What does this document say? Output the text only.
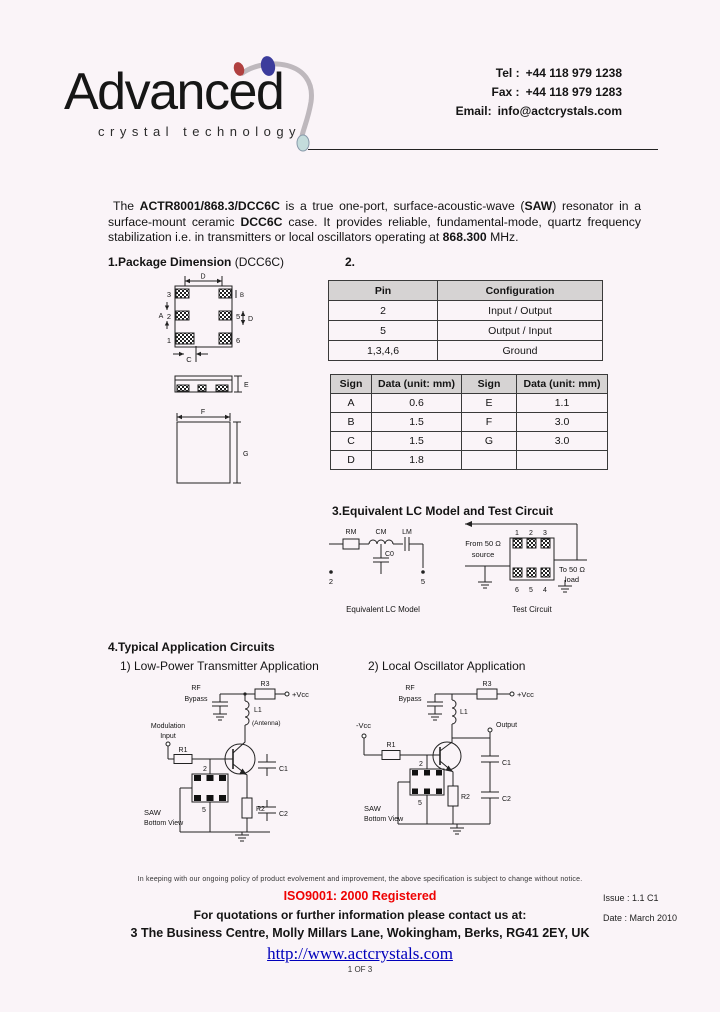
Advanced
crystal technology
Tel : +44 118 979 1238
Fax : +44 118 979 1283
Email: info@actcrystals.com

The ACTR8001/868.3/DCC6C is a true one-port, surface-acoustic-wave (SAW) resonator in a surface-mount ceramic DCC6C case. It provides reliable, fundamental-mode, quartz frequency stabilization i.e. in transmitters or local oscillators operating at 868.300 MHz.

1.Package Dimension (DCC6C)	2.
D
3
2
1
5
6
A
B
D
C
E
F
G
Pin	Configuration
2	Input / Output
5	Output / Input
1,3,4,6	Ground
Sign	Data (unit: mm)	Sign	Data (unit: mm)
A	0.6	E	1.1
B	1.5	F	3.0
C	1.5	G	3.0
D	1.8		
3.Equivalent LC Model and Test Circuit
RM	CM LM
C0
2	5
Equivalent LC Model
From 50 Ω
source
1 2 3
6 5 4
To 50 Ω
load
Test Circuit
4.Typical Application Circuits
1) Low-Power Transmitter Application	2) Local Oscillator Application
RF
Bypass
R3
+Vcc
L1
(Antenna)
Modulation
Input
R1
C1
R2
C2
2
5
SAW
Bottom View
RF
Bypass
R3
+Vcc
L1
-Vcc
R1
Output
C1
C2
R2
2
5
SAW
Bottom View
In keeping with our ongoing policy of product evolvement and improvement, the above specification is subject to change without notice.
ISO9001: 2000 Registered	Issue : 1.1 C1
For quotations or further information please contact us at:	Date : March 2010
3 The Business Centre, Molly Millars Lane, Wokingham, Berks, RG41 2EY, UK
http://www.actcrystals.com
1 OF 3
